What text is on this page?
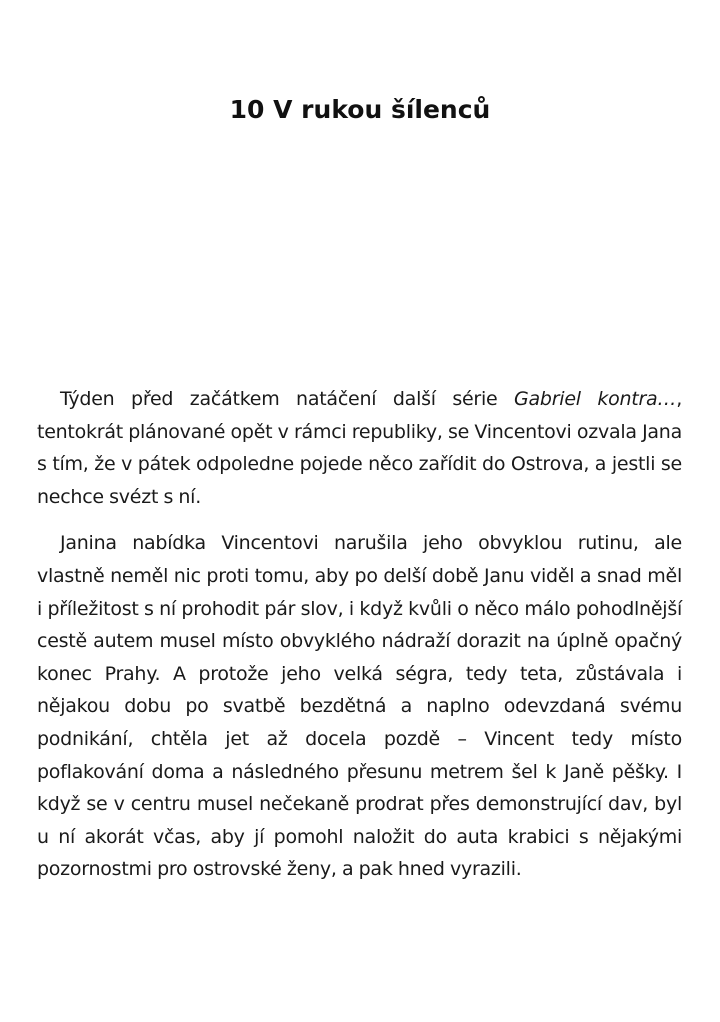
10 V rukou šílenců

Týden před začátkem natáčení další série Gabriel kontra…, tentokrát plánované opět v rámci republiky, se Vincentovi ozvala Jana s tím, že v pátek odpoledne pojede něco zařídit do Ostrova, a jestli se nechce svézt s ní.

Janina nabídka Vincentovi narušila jeho obvyklou rutinu, ale vlastně neměl nic proti tomu, aby po delší době Janu viděl a snad měl i příležitost s ní prohodit pár slov, i když kvůli o něco málo pohodlnější cestě autem musel místo obvyklého nádraží dorazit na úplně opačný konec Prahy. A protože jeho velká ségra, tedy teta, zůstávala i nějakou dobu po svatbě bezdětná a naplno odevzdaná svému podnikání, chtěla jet až docela pozdě – Vincent tedy místo poflakování doma a následného přesunu metrem šel k Janě pěšky. I když se v centru musel nečekaně prodrat přes demonstrující dav, byl u ní akorát včas, aby jí pomohl naložit do auta krabici s nějakými pozornostmi pro ostrovské ženy, a pak hned vyrazili.
